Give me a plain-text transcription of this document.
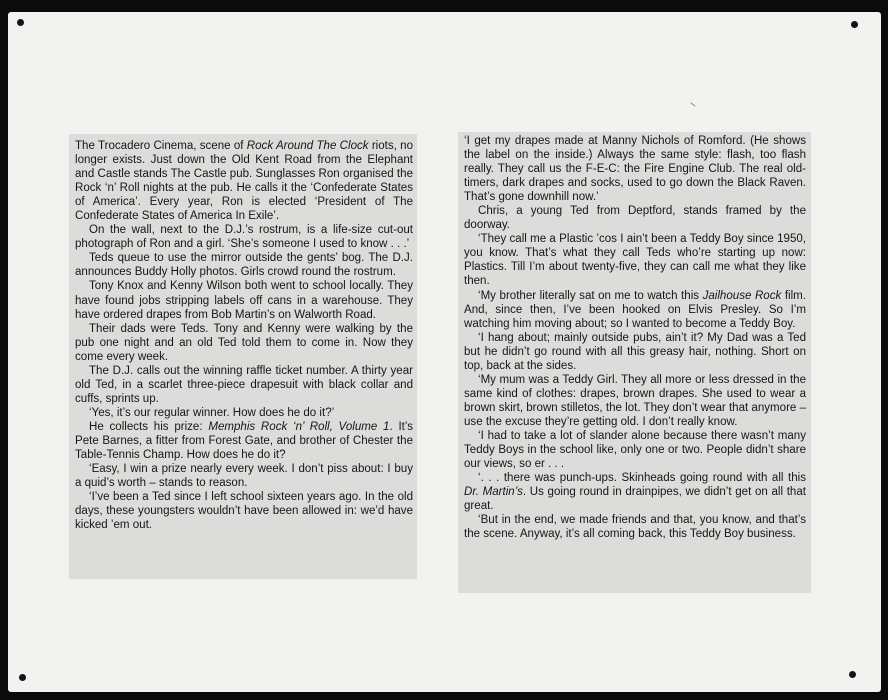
The Trocadero Cinema, scene of Rock Around The Clock riots, no longer exists. Just down the Old Kent Road from the Elephant and Castle stands The Castle pub. Sunglasses Ron organised the Rock ‘n’ Roll nights at the pub. He calls it the ‘Confederate States of America’. Every year, Ron is elected ‘President of The Confederate States of America In Exile’.

On the wall, next to the D.J.’s rostrum, is a life-size cut-out photograph of Ron and a girl. ‘She’s someone I used to know . . .’

Teds queue to use the mirror outside the gents’ bog. The D.J. announces Buddy Holly photos. Girls crowd round the rostrum.

Tony Knox and Kenny Wilson both went to school locally. They have found jobs stripping labels off cans in a warehouse. They have ordered drapes from Bob Martin’s on Walworth Road.

Their dads were Teds. Tony and Kenny were walking by the pub one night and an old Ted told them to come in. Now they come every week.

The D.J. calls out the winning raffle ticket number. A thirty year old Ted, in a scarlet three-piece drapesuit with black collar and cuffs, sprints up.

‘Yes, it’s our regular winner. How does he do it?’

He collects his prize: Memphis Rock ‘n’ Roll, Volume 1. It’s Pete Barnes, a fitter from Forest Gate, and brother of Chester the Table-Tennis Champ. How does he do it?

‘Easy, I win a prize nearly every week. I don’t piss about: I buy a quid’s worth – stands to reason.

‘I’ve been a Ted since I left school sixteen years ago. In the old days, these youngsters wouldn’t have been allowed in: we’d have kicked ’em out.

‘I get my drapes made at Manny Nichols of Romford. (He shows the label on the inside.) Always the same style: flash, too flash really. They call us the F-E-C: the Fire Engine Club. The real old-timers, dark drapes and socks, used to go down the Black Raven. That’s gone downhill now.’

Chris, a young Ted from Deptford, stands framed by the doorway.

‘They call me a Plastic ’cos I ain’t been a Teddy Boy since 1950, you know. That’s what they call Teds who’re starting up now: Plastics. Till I’m about twenty-five, they can call me what they like then.

‘My brother literally sat on me to watch this Jailhouse Rock film. And, since then, I’ve been hooked on Elvis Presley. So I’m watching him moving about; so I wanted to become a Teddy Boy.

‘I hang about; mainly outside pubs, ain’t it? My Dad was a Ted but he didn’t go round with all this greasy hair, nothing. Short on top, back at the sides.

‘My mum was a Teddy Girl. They all more or less dressed in the same kind of clothes: drapes, brown drapes. She used to wear a brown skirt, brown stilletos, the lot. They don’t wear that anymore – use the excuse they’re getting old. I don’t really know.

‘I had to take a lot of slander alone because there wasn’t many Teddy Boys in the school like, only one or two. People didn’t share our views, so er . . .

‘. . . there was punch-ups. Skinheads going round with all this Dr. Martin’s. Us going round in drainpipes, we didn’t get on all that great.

‘But in the end, we made friends and that, you know, and that’s the scene. Anyway, it’s all coming back, this Teddy Boy business.
